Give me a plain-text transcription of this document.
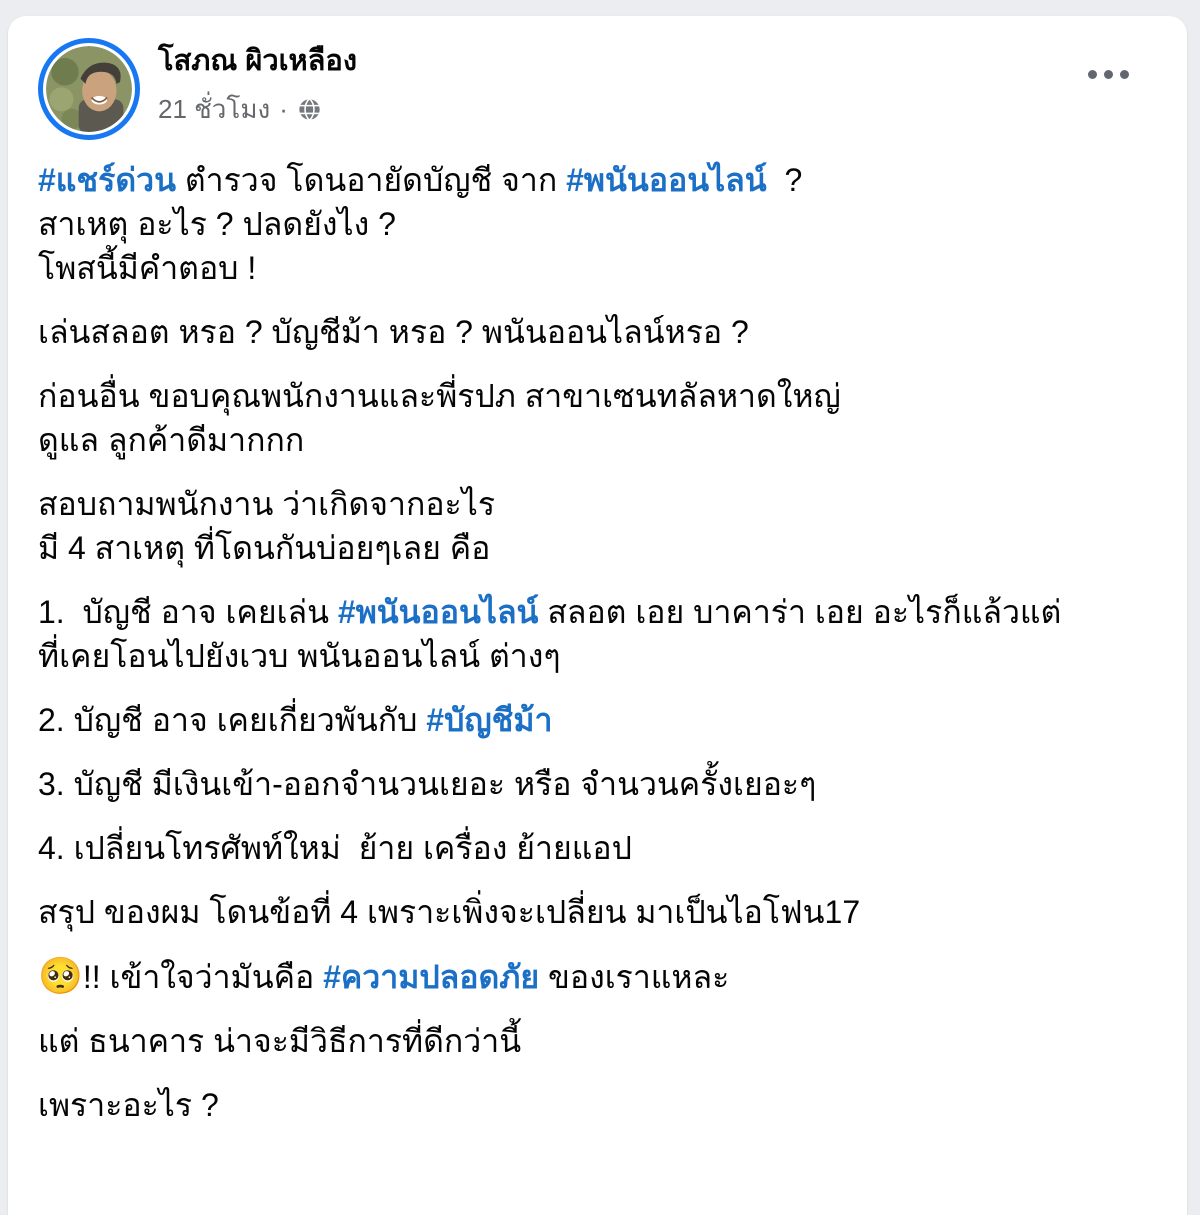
โสภณ ผิวเหลือง
21 ชั่วโมง ·
#แชร์ด่วน ตำรวจ โดนอายัดบัญชี จาก #พนันออนไลน์  ?
สาเหตุ อะไร ? ปลดยังไง ?
โพสนี้มีคำตอบ !
เล่นสลอต หรอ ? บัญชีม้า หรอ ? พนันออนไลน์หรอ ?
ก่อนอื่น ขอบคุณพนักงานและพี่รปภ สาขาเซนทลัลหาดใหญ่
ดูแล ลูกค้าดีมากกก
สอบถามพนักงาน ว่าเกิดจากอะไร
มี 4 สาเหตุ ที่โดนกันบ่อยๆเลย คือ
1.  บัญชี อาจ เคยเล่น #พนันออนไลน์ สลอต เอย บาคาร่า เอย อะไรก็แล้วแต่
ที่เคยโอนไปยังเวบ พนันออนไลน์ ต่างๆ
2. บัญชี อาจ เคยเกี่ยวพันกับ #บัญชีม้า
3. บัญชี มีเงินเข้า-ออกจำนวนเยอะ หรือ จำนวนครั้งเยอะๆ
4. เปลี่ยนโทรศัพท์ใหม่  ย้าย เครื่อง ย้ายแอป
สรุป ของผม โดนข้อที่ 4 เพราะเพิ่งจะเปลี่ยน มาเป็นไอโฟน17
🥺!! เข้าใจว่ามันคือ #ความปลอดภัย ของเราแหละ
แต่ ธนาคาร น่าจะมีวิธีการที่ดีกว่านี้
เพราะอะไร ?
